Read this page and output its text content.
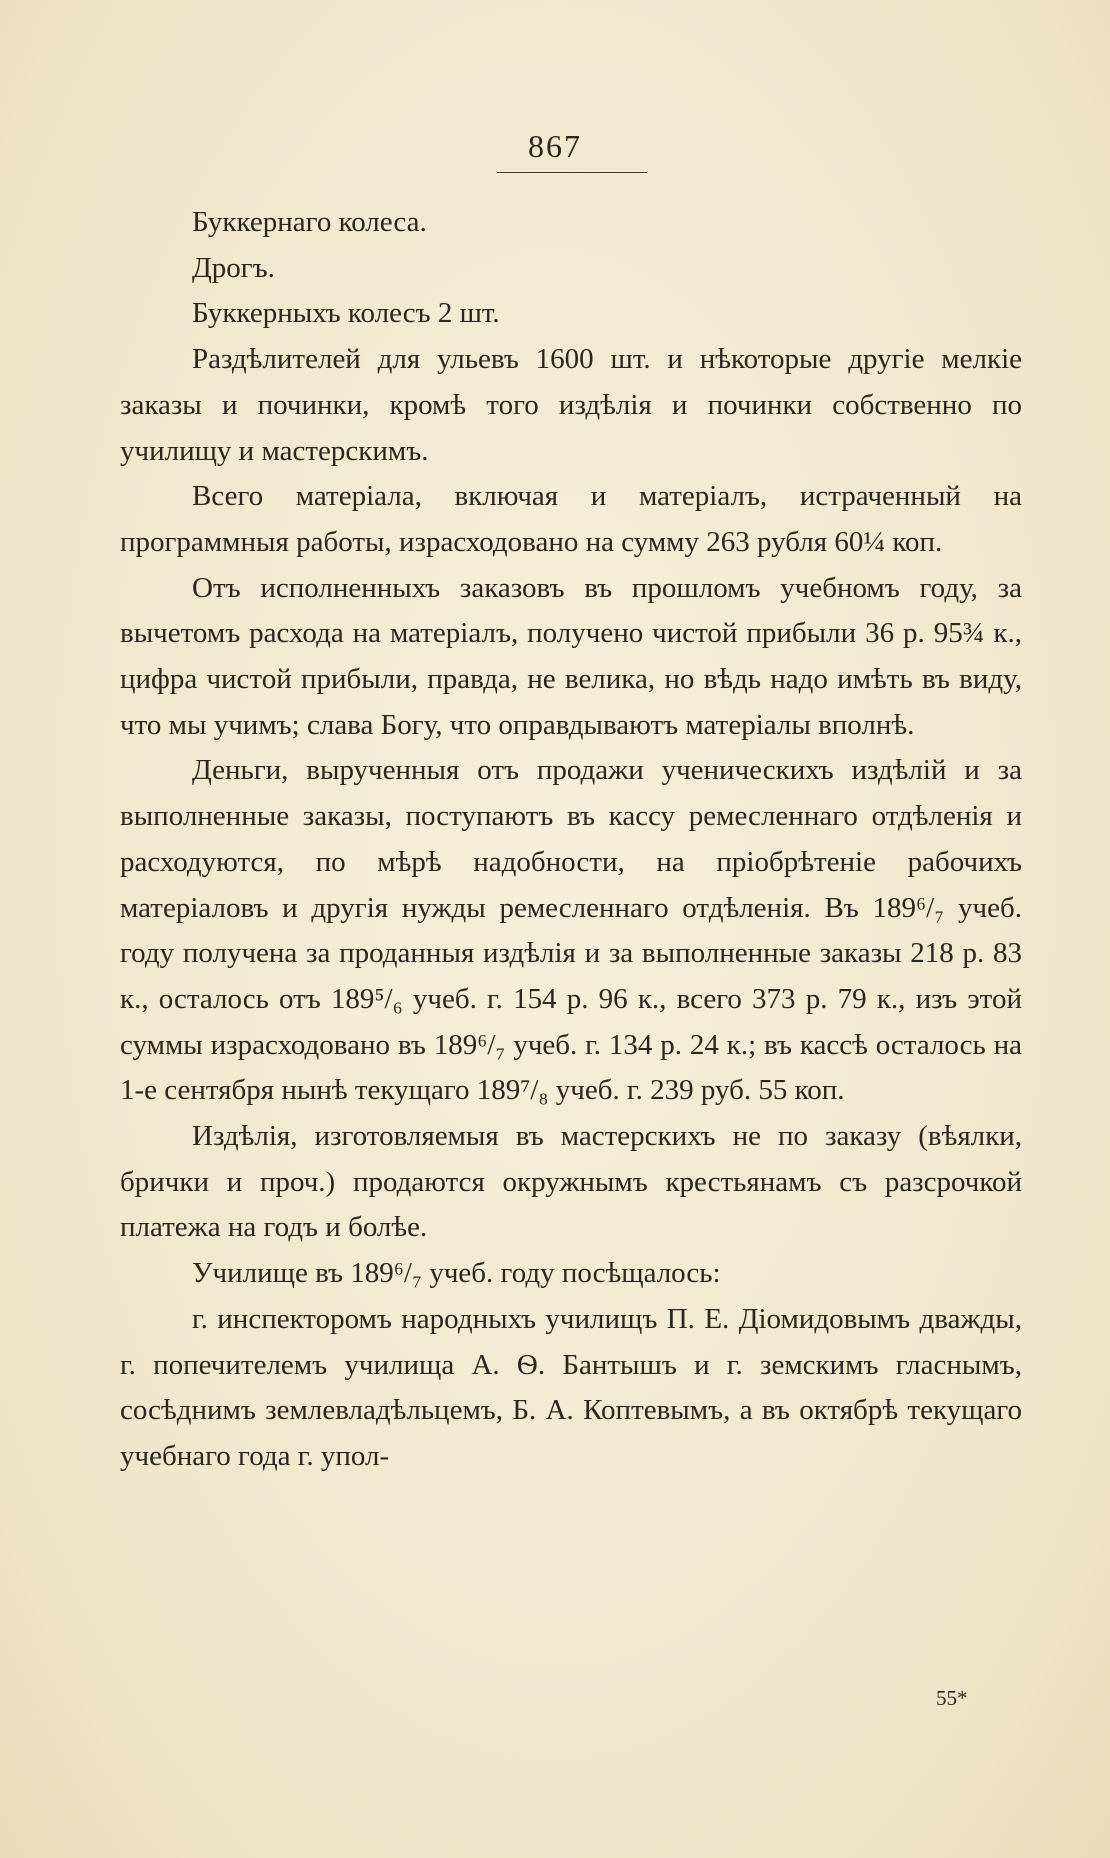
867

Буккернаго колеса.

Дрогъ.

Буккерныхъ колесъ 2 шт.

Раздѣлителей для ульевъ 1600 шт. и нѣкоторые другіе мелкіе заказы и починки, кромѣ того издѣлія и починки собственно по училищу и мастерскимъ.

Всего матеріала, включая и матеріалъ, истраченный на программныя работы, израсходовано на сумму 263 рубля 60¼ коп.

Отъ исполненныхъ заказовъ въ прошломъ учебномъ году, за вычетомъ расхода на матеріалъ, получено чистой прибыли 36 р. 95¾ к., цифра чистой прибыли, правда, не велика, но вѣдь надо имѣть въ виду, что мы учимъ; слава Богу, что оправдываютъ матеріалы вполнѣ.

Деньги, вырученныя отъ продажи ученическихъ издѣлій и за выполненные заказы, поступаютъ въ кассу ремесленнаго отдѣленія и расходуются, по мѣрѣ надобности, на пріобрѣтеніе рабочихъ матеріаловъ и другія нужды ремесленнаго отдѣленія. Въ 189⁶/₇ учеб. году получена за проданныя издѣлія и за выполненные заказы 218 р. 83 к., осталось отъ 189⁵/₆ учеб. г. 154 р. 96 к., всего 373 р. 79 к., изъ этой суммы израсходовано въ 189⁶/₇ учеб. г. 134 р. 24 к.; въ кассѣ осталось на 1-е сентября нынѣ текущаго 189⁷/₈ учеб. г. 239 руб. 55 коп.

Издѣлія, изготовляемыя въ мастерскихъ не по заказу (вѣялки, брички и проч.) продаются окружнымъ крестьянамъ съ разсрочкой платежа на годъ и болѣе.

Училище въ 189⁶/₇ учеб. году посѣщалось:

г. инспекторомъ народныхъ училищъ П. Е. Діомидовымъ дважды, г. попечителемъ училища А. Ѳ. Бантышъ и г. земскимъ гласнымъ, сосѣднимъ землевладѣльцемъ, Б. А. Коптевымъ, а въ октябрѣ текущаго учебнаго года г. упол-

55*
